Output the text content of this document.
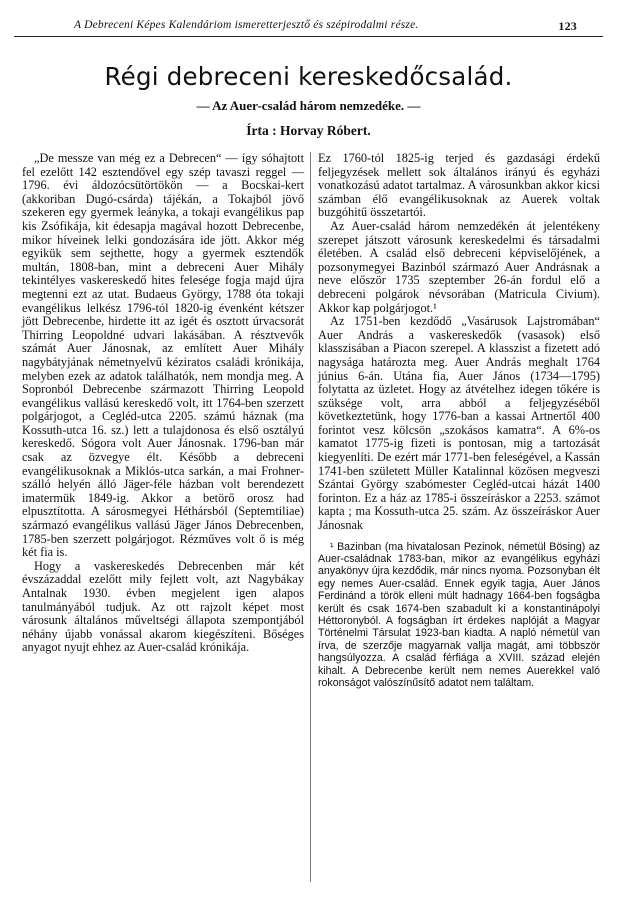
A Debreceni Képes Kalendáriom ismeretterjesztő és szépirodalmi része.	123
Régi debreceni kereskedőcsalád.
— Az Auer-család három nemzedéke. —
Írta : Horvay Róbert.

„De messze van még ez a Debrecen“ — így sóhajtott fel ezelőtt 142 esztendővel egy szép tavaszi reggel — 1796. évi áldozócsütörtökön — a Bocskai-kert (akkoriban Dugó-csárda) tájékán, a Tokajból jövő szekeren egy gyermek leányka, a tokaji evangélikus pap kis Zsófikája, kit édesapja magával hozott Debrecenbe, mikor híveinek lelki gondozására ide jött. Akkor még egyikük sem sejthette, hogy a gyermek esztendők multán, 1808-ban, mint a debreceni Auer Mihály tekintélyes vaskereskedő hites felesége fogja majd újra megtenni ezt az utat. Budaeus György, 1788 óta tokaji evangélikus lelkész 1796-tól 1820-ig évenként kétszer jött Debrecenbe, hirdette itt az igét és osztott úrvacsorát Thirring Leopoldné udvari lakásában. A résztvevők számát Auer Jánosnak, az említett Auer Mihály nagybátyjának németnyelvű kéziratos családi krónikája, melyben ezek az adatok találhatók, nem mondja meg. A Sopronból Debrecenbe származott Thirring Leopold evangélikus vallású kereskedő volt, itt 1764-ben szerzett polgárjogot, a Cegléd-utca 2205. számú háznak (ma Kossuth-utca 16. sz.) lett a tulajdonosa és első osztályú kereskedő. Sógora volt Auer Jánosnak. 1796-ban már csak az özvegye élt. Később a debreceni evangélikusoknak a Miklós-utca sarkán, a mai Frohner-szálló helyén álló Jäger-féle házban volt berendezett imatermük 1849-ig. Akkor a betörő orosz had elpusztította. A sárosmegyei Héthársból (Septemtiliae) származó evangélikus vallású Jäger János Debrecenben, 1785-ben szerzett polgárjogot. Rézműves volt ő is még két fia is.

Hogy a vaskereskedés Debrecenben már két évszázaddal ezelőtt mily fejlett volt, azt Nagybákay Antalnak 1930. évben megjelent igen alapos tanulmányából tudjuk. Az ott rajzolt képet most városunk általános műveltségi állapota szempontjából néhány újabb vonással akarom kiegészíteni. Bőséges anyagot nyujt ehhez az Auer-család krónikája.

Ez 1760-tól 1825-ig terjed és gazdasági érdekű feljegyzések mellett sok általános irányú és egyházi vonatkozású adatot tartalmaz. A városunkban akkor kicsi számban élő evangélikusoknak az Auerek voltak buzgóhitű összetartói.

Az Auer-család három nemzedékén át jelentékeny szerepet játszott városunk kereskedelmi és társadalmi életében. A család első debreceni képviselőjének, a pozsonymegyei Bazinból származó Auer Andrásnak a neve először 1735 szeptember 26-án fordul elő a debreceni polgárok névsorában (Matricula Civium). Akkor kap polgárjogot.¹

Az 1751-ben kezdődő „Vasárusok Lajstromában“ Auer András a vaskereskedők (vasasok) első klasszisában a Piacon szerepel. A klasszist a fizetett adó nagysága határozta meg. Auer András meghalt 1764 június 6-án. Utána fia, Auer János (1734—1795) folytatta az üzletet. Hogy az átvételhez idegen tőkére is szüksége volt, arra abból a feljegyzéséből következtetünk, hogy 1776-ban a kassai Artnertől 400 forintot vesz kölcsön „szokásos kamatra“. A 6%-os kamatot 1775-ig fizeti is pontosan, mig a tartozását kiegyenlíti. De ezért már 1771-ben feleségével, a Kassán 1741-ben született Müller Katalinnal közösen megveszi Szántai György szabómester Cegléd-utcai házát 1400 forinton. Ez a ház az 1785-i összeíráskor a 2253. számot kapta ; ma Kossuth-utca 25. szám. Az összeíráskor Auer Jánosnak

¹ Bazinban (ma hivatalosan Pezinok, németül Bösing) az Auer-családnak 1783-ban, mikor az evangélikus egyházi anyakönyv újra kezdődik, már nincs nyoma. Pozsonyban élt egy nemes Auer-család. Ennek egyik tagja, Auer János Ferdinánd a török elleni múlt hadnagy 1664-ben fogságba került és csak 1674-ben szabadult ki a konstantinápolyi Héttoronyból. A fogságban írt érdekes naplóját a Magyar Történelmi Társulat 1923-ban kiadta. A napló németül van írva, de szerzője magyarnak vallja magát, ami többször hangsúlyozza. A család férfiága a XVIII. század elején kihalt. A Debrecenbe került nem nemes Auerekkel való rokonságot valószínűsítő adatot nem találtam.
